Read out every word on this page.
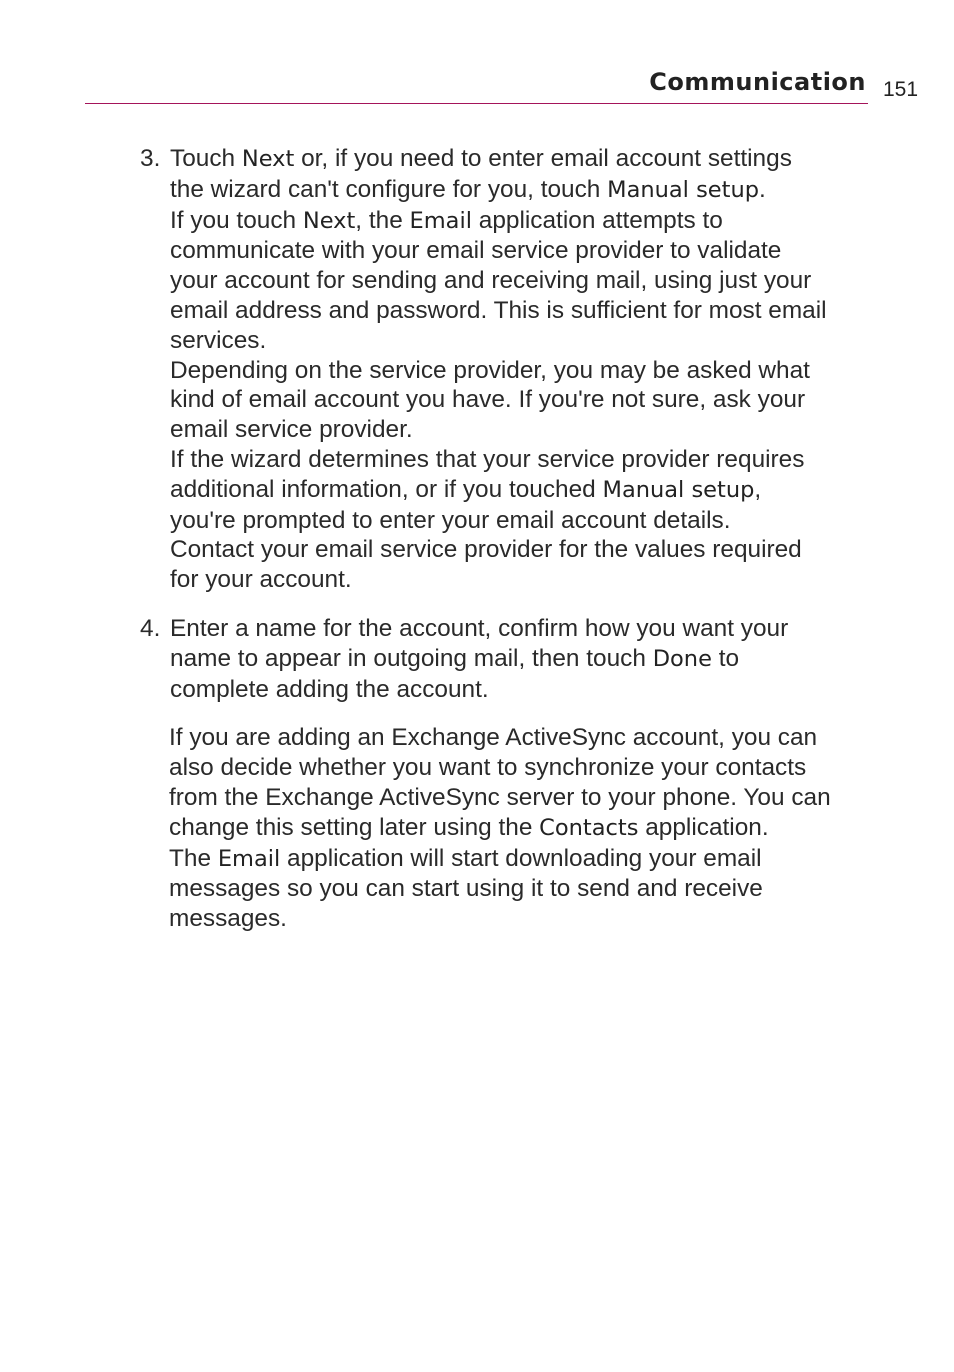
Communication 151
3. Touch Next or, if you need to enter email account settings
the wizard can't configure for you, touch Manual setup.

If you touch Next, the Email application attempts to
communicate with your email service provider to validate
your account for sending and receiving mail, using just your
email address and password. This is sufficient for most email
services.

Depending on the service provider, you may be asked what
kind of email account you have. If you're not sure, ask your
email service provider.

If the wizard determines that your service provider requires
additional information, or if you touched Manual setup,
you're prompted to enter your email account details.
Contact your email service provider for the values required
for your account.

4. Enter a name for the account, confirm how you want your
name to appear in outgoing mail, then touch Done to
complete adding the account.

If you are adding an Exchange ActiveSync account, you can
also decide whether you want to synchronize your contacts
from the Exchange ActiveSync server to your phone. You can
change this setting later using the Contacts application.

The Email application will start downloading your email
messages so you can start using it to send and receive
messages.
